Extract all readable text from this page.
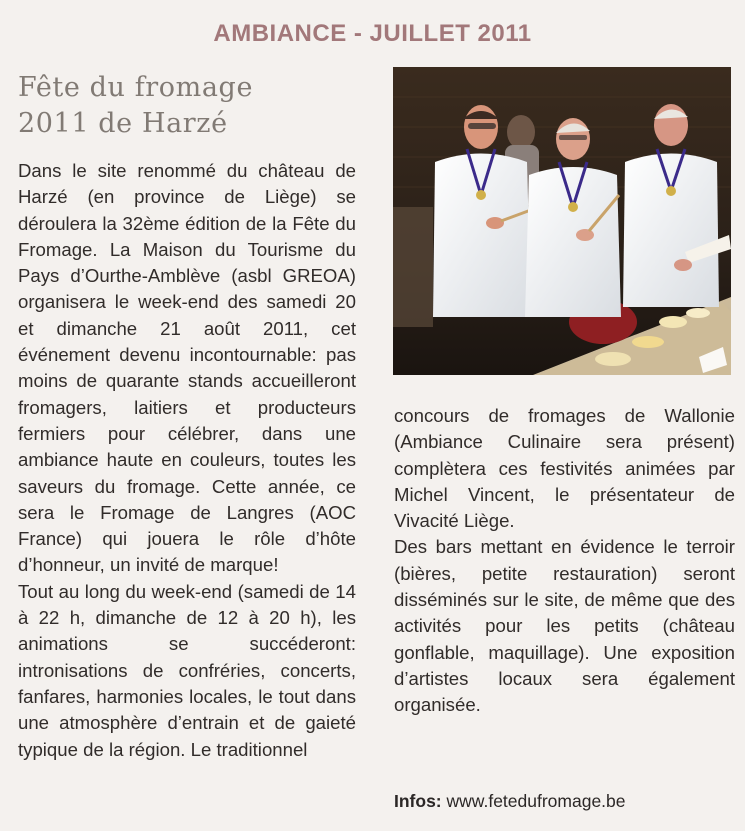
AMBIANCE - JUILLET 2011
Fête du fromage
2011 de Harzé

Dans le site renommé du château de Harzé (en province de Liège) se déroulera la 32ème édition de la Fête du Fromage. La Maison du Tourisme du Pays d’Ourthe-Amblève (asbl GREOA) organisera le week-end des samedi 20 et dimanche 21 août 2011, cet événement devenu incontournable: pas moins de quarante stands accueilleront fromagers, laitiers et producteurs fermiers pour célébrer, dans une ambiance haute en couleurs, toutes les saveurs du fromage. Cette année, ce sera le Fromage de Langres (AOC France) qui jouera le rôle d’hôte d’honneur, un invité de marque!

Tout au long du week-end (samedi de 14 à 22 h, dimanche de 12 à 20 h), les animations se succéderont: intronisations de confréries, concerts, fanfares, harmonies locales, le tout dans une atmosphère d’entrain et de gaieté typique de la région. Le traditionnel

concours de fromages de Wallonie (Ambiance Culinaire sera présent) complètera ces festivités animées par Michel Vincent, le présentateur de Vivacité Liège.

Des bars mettant en évidence le terroir (bières, petite restauration) seront disséminés sur le site, de même que des activités pour les petits (château gonflable, maquillage). Une exposition d’artistes locaux sera également organisée.

Infos: www.fetedufromage.be
